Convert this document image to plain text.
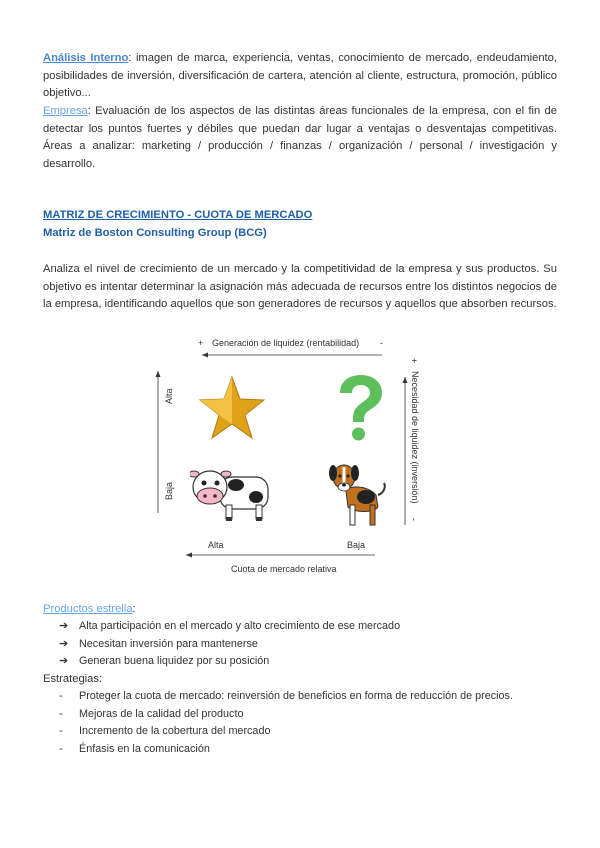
Análisis Interno: imagen de marca, experiencia, ventas, conocimiento de mercado, endeudamiento, posibilidades de inversión, diversificación de cartera, atención al cliente, estructura, promoción, público objetivo...
Empresa: Evaluación de los aspectos de las distintas áreas funcionales de la empresa, con el fin de detectar los puntos fuertes y débiles que puedan dar lugar a ventajas o desventajas competitivas. Áreas a analizar: marketing / producción / finanzas / organización / personal / investigación y desarrollo.
MATRIZ DE CRECIMIENTO - CUOTA DE MERCADO
Matriz de Boston Consulting Group (BCG)
Analiza el nivel de crecimiento de un mercado y la competitividad de la empresa y sus productos. Su objetivo es intentar determinar la asignación más adecuada de recursos entre los distintos negocios de la empresa, identificando aquellos que son generadores de recursos y aquellos que absorben recursos.
+ Generación de liquidez (rentabilidad) -
Alta
Baja
+
Necesidad de liquidez (inversión)
-
Alta	Baja
Cuota de mercado relativa
Productos estrella:
➔ Alta participación en el mercado y alto crecimiento de ese mercado
➔ Necesitan inversión para mantenerse
➔ Generan buena liquidez por su posición
Estrategias:
- Proteger la cuota de mercado: reinversión de beneficios en forma de reducción de precios.
- Mejoras de la calidad del producto
- Incremento de la cobertura del mercado
- Énfasis en la comunicación
